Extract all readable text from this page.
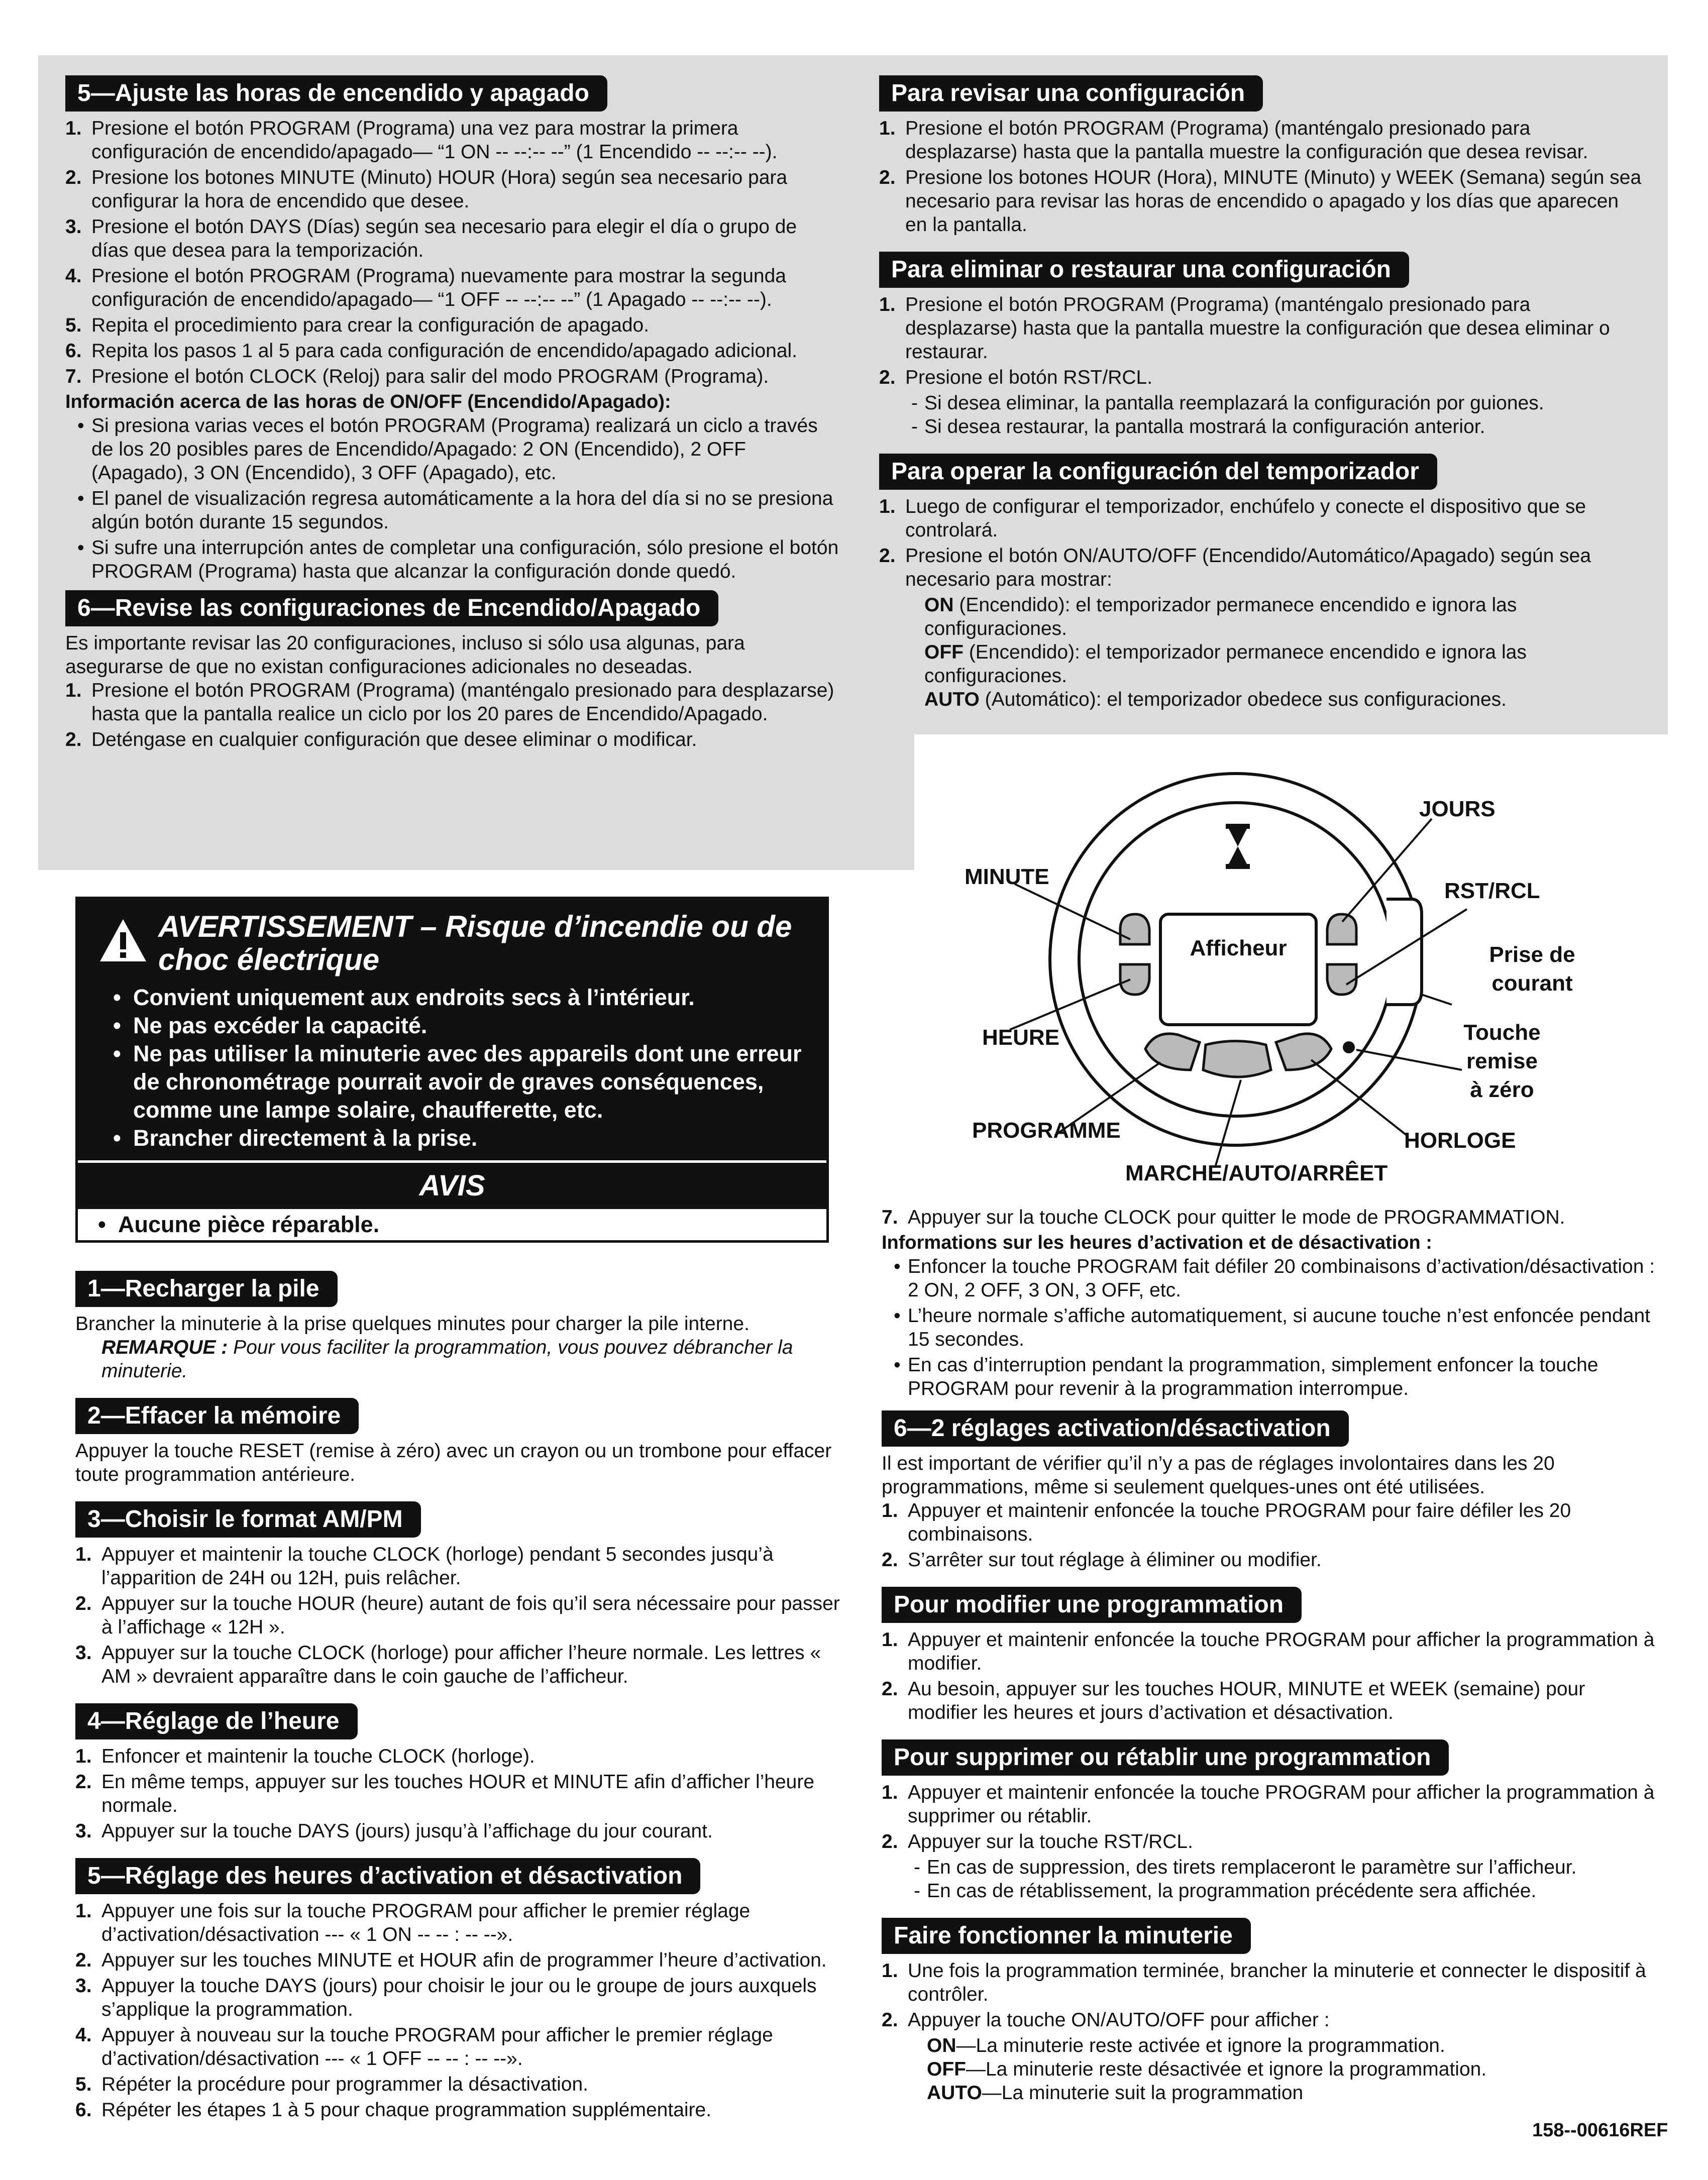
5—Ajuste las horas de encendido y apagado
1. Presione el botón PROGRAM (Programa) una vez para mostrar la primera configuración de encendido/apagado— “1 ON -- --:-- --” (1 Encendido -- --:-- --).
2. Presione los botones MINUTE (Minuto) HOUR (Hora) según sea necesario para configurar la hora de encendido que desee.
3. Presione el botón DAYS (Días) según sea necesario para elegir el día o grupo de días que desea para la temporización.
4. Presione el botón PROGRAM (Programa) nuevamente para mostrar la segunda configuración de encendido/apagado— “1 OFF -- --:-- --” (1 Apagado -- --:-- --).
5. Repita el procedimiento para crear la configuración de apagado.
6. Repita los pasos 1 al 5 para cada configuración de encendido/apagado adicional.
7. Presione el botón CLOCK (Reloj) para salir del modo PROGRAM (Programa).
Información acerca de las horas de ON/OFF (Encendido/Apagado):
• Si presiona varias veces el botón PROGRAM (Programa) realizará un ciclo a través de los 20 posibles pares de Encendido/Apagado: 2 ON (Encendido), 2 OFF (Apagado), 3 ON (Encendido), 3 OFF (Apagado), etc.
• El panel de visualización regresa automáticamente a la hora del día si no se presiona algún botón durante 15 segundos.
• Si sufre una interrupción antes de completar una configuración, sólo presione el botón PROGRAM (Programa) hasta que alcanzar la configuración donde quedó.
6—Revise las configuraciones de Encendido/Apagado
Es importante revisar las 20 configuraciones, incluso si sólo usa algunas, para asegurarse de que no existan configuraciones adicionales no deseadas.
1. Presione el botón PROGRAM (Programa) (manténgalo presionado para desplazarse) hasta que la pantalla realice un ciclo por los 20 pares de Encendido/Apagado.
2. Deténgase en cualquier configuración que desee eliminar o modificar.
Para revisar una configuración
1. Presione el botón PROGRAM (Programa) (manténgalo presionado para desplazarse) hasta que la pantalla muestre la configuración que desea revisar.
2. Presione los botones HOUR (Hora), MINUTE (Minuto) y WEEK (Semana) según sea necesario para revisar las horas de encendido o apagado y los días que aparecen en la pantalla.
Para eliminar o restaurar una configuración
1. Presione el botón PROGRAM (Programa) (manténgalo presionado para desplazarse) hasta que la pantalla muestre la configuración que desea eliminar o restaurar.
2. Presione el botón RST/RCL.
- Si desea eliminar, la pantalla reemplazará la configuración por guiones.
- Si desea restaurar, la pantalla mostrará la configuración anterior.
Para operar la configuración del temporizador
1. Luego de configurar el temporizador, enchúfelo y conecte el dispositivo que se controlará.
2. Presione el botón ON/AUTO/OFF (Encendido/Automático/Apagado) según sea necesario para mostrar:
ON (Encendido): el temporizador permanece encendido e ignora las configuraciones.
OFF (Encendido): el temporizador permanece encendido e ignora las configuraciones.
AUTO (Automático): el temporizador obedece sus configuraciones.
AVERTISSEMENT – Risque d’incendie ou de choc électrique
• Convient uniquement aux endroits secs à l’intérieur.
• Ne pas excéder la capacité.
• Ne pas utiliser la minuterie avec des appareils dont une erreur de chronométrage pourrait avoir de graves conséquences, comme une lampe solaire, chaufferette, etc.
• Brancher directement à la prise.
AVIS
• Aucune pièce réparable.
1—Recharger la pile
Brancher la minuterie à la prise quelques minutes pour charger la pile interne.
REMARQUE : Pour vous faciliter la programmation, vous pouvez débrancher la minuterie.
2—Effacer la mémoire
Appuyer la touche RESET (remise à zéro) avec un crayon ou un trombone pour effacer toute programmation antérieure.
3—Choisir le format AM/PM
1. Appuyer et maintenir la touche CLOCK (horloge) pendant 5 secondes jusqu’à l’apparition de 24H ou 12H, puis relâcher.
2. Appuyer sur la touche HOUR (heure) autant de fois qu’il sera nécessaire pour passer à l’affichage « 12H ».
3. Appuyer sur la touche CLOCK (horloge) pour afficher l’heure normale. Les lettres « AM » devraient apparaître dans le coin gauche de l’afficheur.
4—Réglage de l’heure
1. Enfoncer et maintenir la touche CLOCK (horloge).
2. En même temps, appuyer sur les touches HOUR et MINUTE afin d’afficher l’heure normale.
3. Appuyer sur la touche DAYS (jours) jusqu’à l’affichage du jour courant.
5—Réglage des heures d’activation et désactivation
1. Appuyer une fois sur la touche PROGRAM pour afficher le premier réglage d’activation/désactivation --- « 1 ON -- -- : -- --».
2. Appuyer sur les touches MINUTE et HOUR afin de programmer l’heure d’activation.
3. Appuyer la touche DAYS (jours) pour choisir le jour ou le groupe de jours auxquels s’applique la programmation.
4. Appuyer à nouveau sur la touche PROGRAM pour afficher le premier réglage d’activation/désactivation --- « 1 OFF -- -- : -- --».
5. Répéter la procédure pour programmer la désactivation.
6. Répéter les étapes 1 à 5 pour chaque programmation supplémentaire.
Afficheur
MINUTE
JOURS
RST/RCL
Prise de
courant
HEURE	Touche
remise
à zéro
PROGRAMME	HORLOGE
MARCHE/AUTO/ARRÊET
7. Appuyer sur la touche CLOCK pour quitter le mode de PROGRAMMATION.
Informations sur les heures d’activation et de désactivation :
• Enfoncer la touche PROGRAM fait défiler 20 combinaisons d’activation/désactivation : 2 ON, 2 OFF, 3 ON, 3 OFF, etc.
• L’heure normale s’affiche automatiquement, si aucune touche n’est enfoncée pendant 15 secondes.
• En cas d’interruption pendant la programmation, simplement enfoncer la touche PROGRAM pour revenir à la programmation interrompue.
6—2 réglages activation/désactivation
Il est important de vérifier qu’il n’y a pas de réglages involontaires dans les 20 programmations, même si seulement quelques-unes ont été utilisées.
1. Appuyer et maintenir enfoncée la touche PROGRAM pour faire défiler les 20 combinaisons.
2. S’arrêter sur tout réglage à éliminer ou modifier.
Pour modifier une programmation
1. Appuyer et maintenir enfoncée la touche PROGRAM pour afficher la programmation à modifier.
2. Au besoin, appuyer sur les touches HOUR, MINUTE et WEEK (semaine) pour modifier les heures et jours d’activation et désactivation.
Pour supprimer ou rétablir une programmation
1. Appuyer et maintenir enfoncée la touche PROGRAM pour afficher la programmation à supprimer ou rétablir.
2. Appuyer sur la touche RST/RCL.
- En cas de suppression, des tirets remplaceront le paramètre sur l’afficheur.
- En cas de rétablissement, la programmation précédente sera affichée.
Faire fonctionner la minuterie
1. Une fois la programmation terminée, brancher la minuterie et connecter le dispositif à contrôler.
2. Appuyer la touche ON/AUTO/OFF pour afficher :
ON—La minuterie reste activée et ignore la programmation.
OFF—La minuterie reste désactivée et ignore la programmation.
AUTO—La minuterie suit la programmation
158--00616REF
